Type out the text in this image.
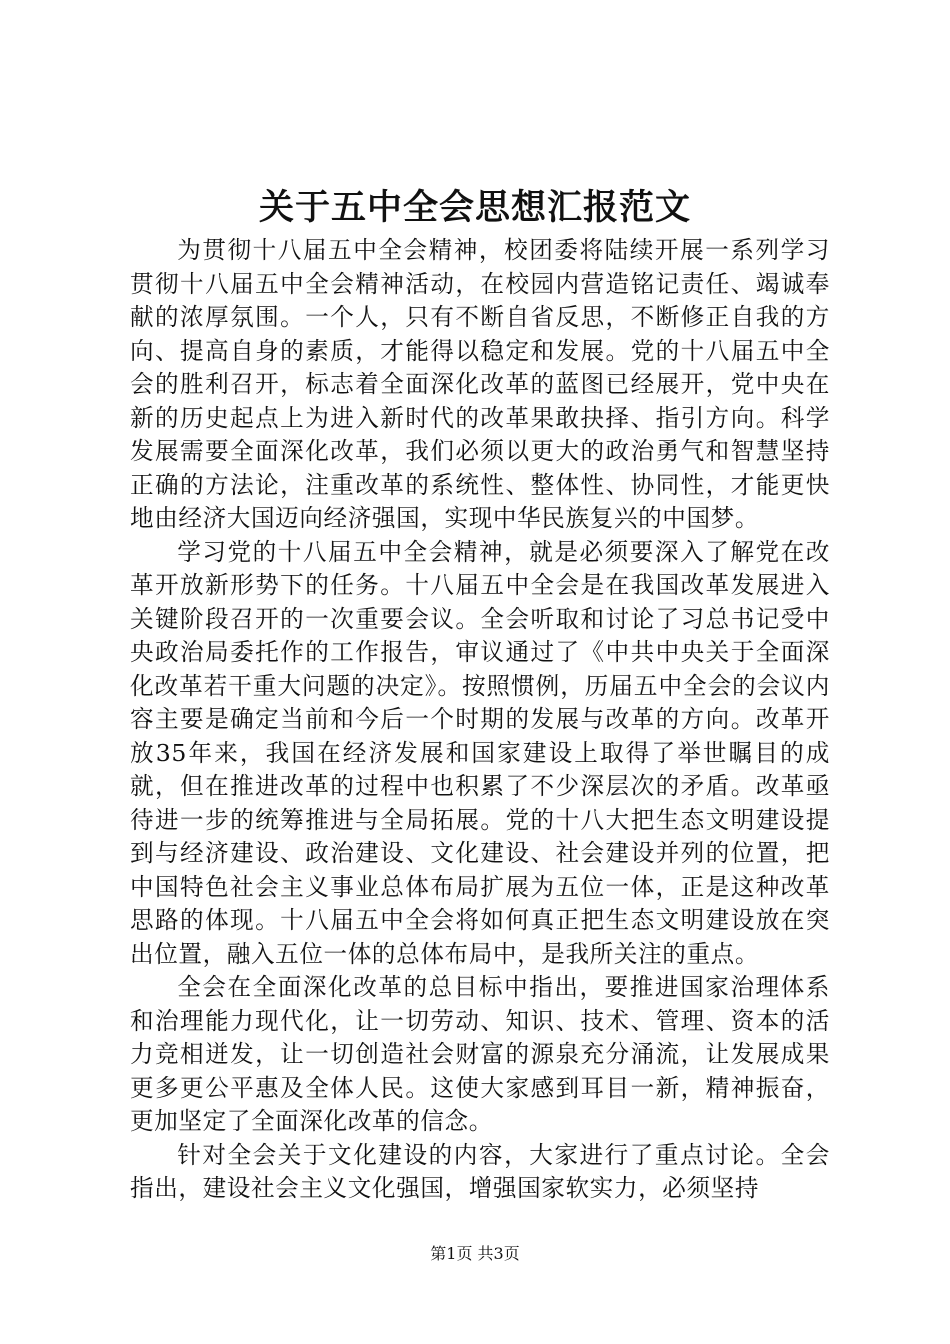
关于五中全会思想汇报范文

为贯彻十八届五中全会精神，校团委将陆续开展一系列学习贯彻十八届五中全会精神活动，在校园内营造铭记责任、竭诚奉献的浓厚氛围。一个人，只有不断自省反思，不断修正自我的方向、提高自身的素质，才能得以稳定和发展。党的十八届五中全会的胜利召开，标志着全面深化改革的蓝图已经展开，党中央在新的历史起点上为进入新时代的改革果敢抉择、指引方向。科学发展需要全面深化改革，我们必须以更大的政治勇气和智慧坚持正确的方法论，注重改革的系统性、整体性、协同性，才能更快地由经济大国迈向经济强国，实现中华民族复兴的中国梦。

学习党的十八届五中全会精神，就是必须要深入了解党在改革开放新形势下的任务。十八届五中全会是在我国改革发展进入关键阶段召开的一次重要会议。全会听取和讨论了习总书记受中央政治局委托作的工作报告，审议通过了《中共中央关于全面深化改革若干重大问题的决定》。按照惯例，历届五中全会的会议内容主要是确定当前和今后一个时期的发展与改革的方向。改革开放35年来，我国在经济发展和国家建设上取得了举世瞩目的成就，但在推进改革的过程中也积累了不少深层次的矛盾。改革亟待进一步的统筹推进与全局拓展。党的十八大把生态文明建设提到与经济建设、政治建设、文化建设、社会建设并列的位置，把中国特色社会主义事业总体布局扩展为五位一体，正是这种改革思路的体现。十八届五中全会将如何真正把生态文明建设放在突出位置，融入五位一体的总体布局中，是我所关注的重点。

全会在全面深化改革的总目标中指出，要推进国家治理体系和治理能力现代化，让一切劳动、知识、技术、管理、资本的活力竞相迸发，让一切创造社会财富的源泉充分涌流，让发展成果更多更公平惠及全体人民。这使大家感到耳目一新，精神振奋，更加坚定了全面深化改革的信念。

针对全会关于文化建设的内容，大家进行了重点讨论。全会指出，建设社会主义文化强国，增强国家软实力，必须坚持

第1页 共3页
